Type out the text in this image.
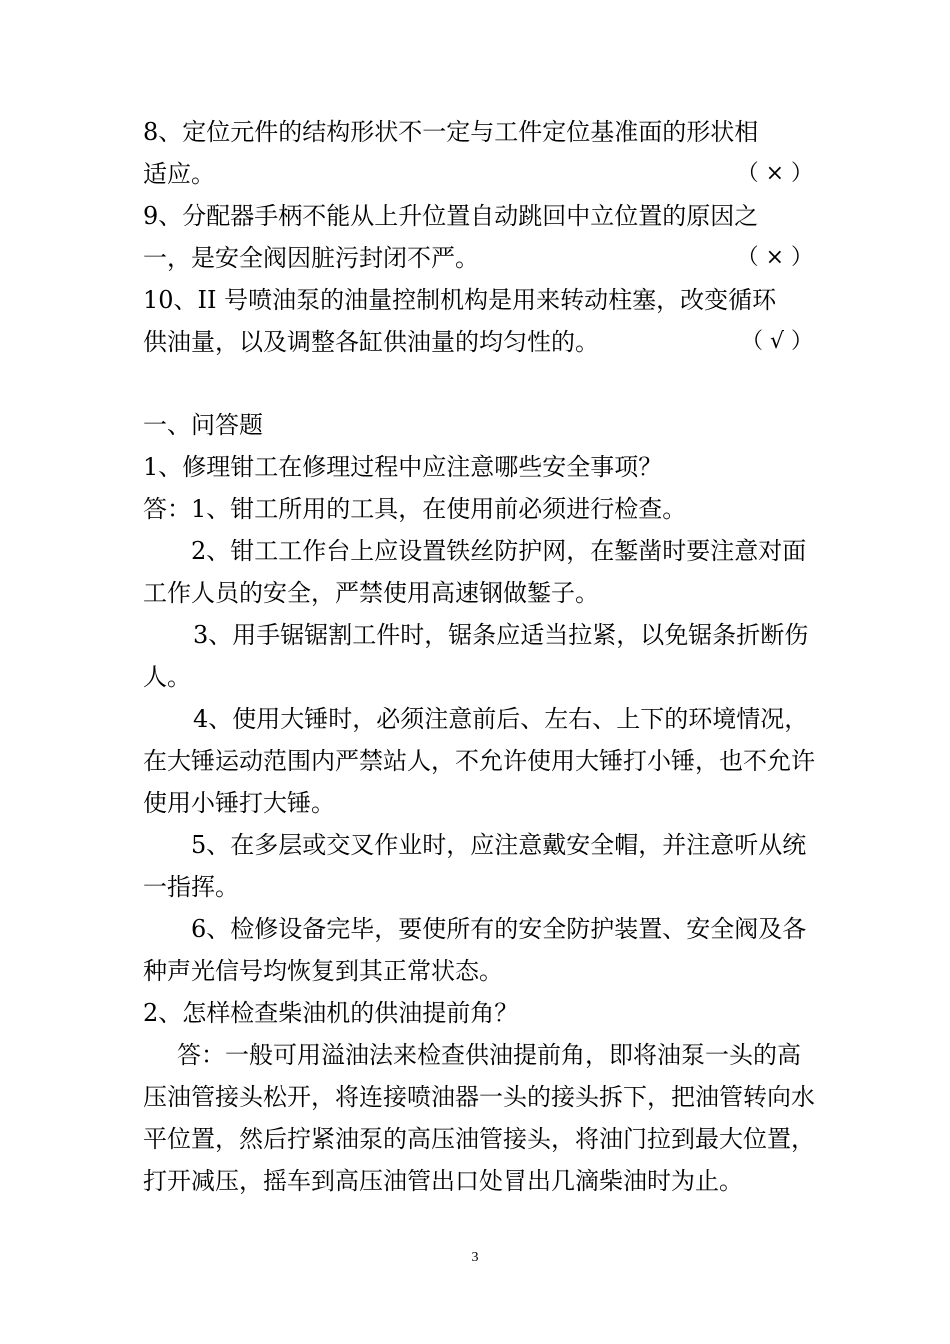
8、定位元件的结构形状不一定与工件定位基准面的形状相
适应。	（ × ）
9、分配器手柄不能从上升位置自动跳回中立位置的原因之
一，是安全阀因脏污封闭不严。	（ × ）
10、II 号喷油泵的油量控制机构是用来转动柱塞，改变循环
供油量，以及调整各缸供油量的均匀性的。	（ √ ）
一、问答题
1、修理钳工在修理过程中应注意哪些安全事项？
答：1、钳工所用的工具，在使用前必须进行检查。
2、钳工工作台上应设置铁丝防护网，在錾凿时要注意对面
工作人员的安全，严禁使用高速钢做錾子。
3、用手锯锯割工件时，锯条应适当拉紧，以免锯条折断伤
人。
4、使用大锤时，必须注意前后、左右、上下的环境情况，
在大锤运动范围内严禁站人，不允许使用大锤打小锤，也不允许
使用小锤打大锤。
5、在多层或交叉作业时，应注意戴安全帽，并注意听从统
一指挥。
6、检修设备完毕，要使所有的安全防护装置、安全阀及各
种声光信号均恢复到其正常状态。
2、怎样检查柴油机的供油提前角？
答：一般可用溢油法来检查供油提前角，即将油泵一头的高
压油管接头松开，将连接喷油器一头的接头拆下，把油管转向水
平位置，然后拧紧油泵的高压油管接头，将油门拉到最大位置，
打开减压，摇车到高压油管出口处冒出几滴柴油时为止。
3
